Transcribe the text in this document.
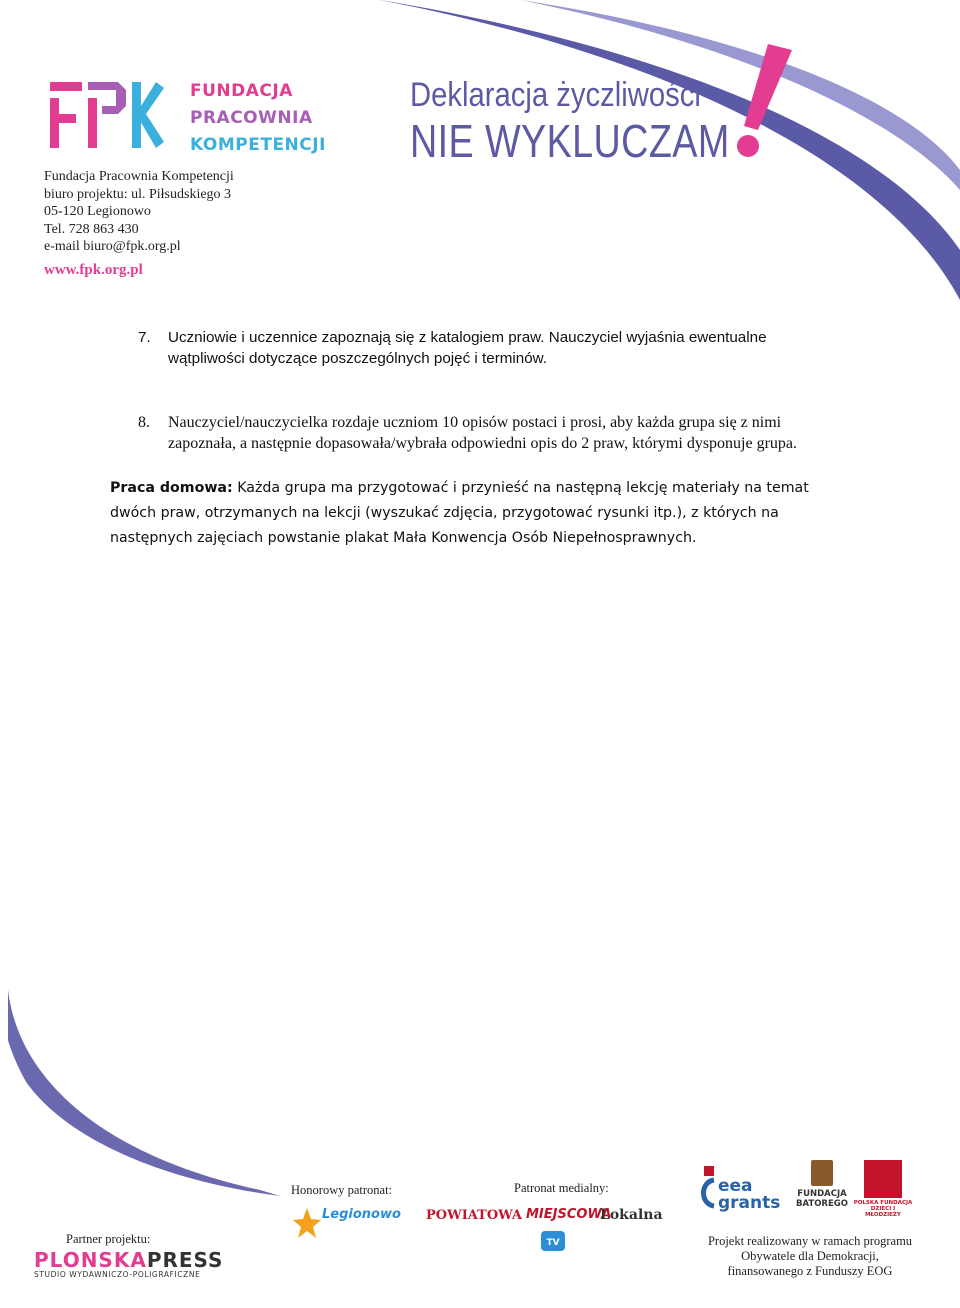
FUNDACJA
PRACOWNIA
KOMPETENCJI
Fundacja Pracownia Kompetencji
biuro projektu: ul. Piłsudskiego 3
05-120 Legionowo
Tel. 728 863 430
e-mail biuro@fpk.org.pl
www.fpk.org.pl
Deklaracja życzliwości
NIE WYKLUCZAM
7. Uczniowie i uczennice zapoznają się z katalogiem praw. Nauczyciel wyjaśnia ewentualne wątpliwości dotyczące poszczególnych pojęć i terminów.
8. Nauczyciel/nauczycielka rozdaje uczniom 10 opisów postaci i prosi, aby każda grupa się z nimi zapoznała, a następnie dopasowała/wybrała odpowiedni opis do 2 praw, którymi dysponuje grupa.
Praca domowa: Każda grupa ma przygotować i przynieść na następną lekcję materiały na temat dwóch praw, otrzymanych na lekcji (wyszukać zdjęcia, przygotować rysunki itp.), z których na następnych zajęciach powstanie plakat Mała Konwencja Osób Niepełnosprawnych.
Partner projektu:
PLONSKAPRESS
STUDIO WYDAWNICZO-POLIGRAFICZNE
Honorowy patronat:
Legionowo
Patronat medialny:
POWIATOWA MIEJSCOWA
Lokalna
TV
eea
grants FUNDACJA
BATOREGO	POLSKA FUNDACJA DZIECI I MŁODZIEŻY
Projekt realizowany w ramach programu
Obywatele dla Demokracji,
finansowanego z Funduszy EOG
